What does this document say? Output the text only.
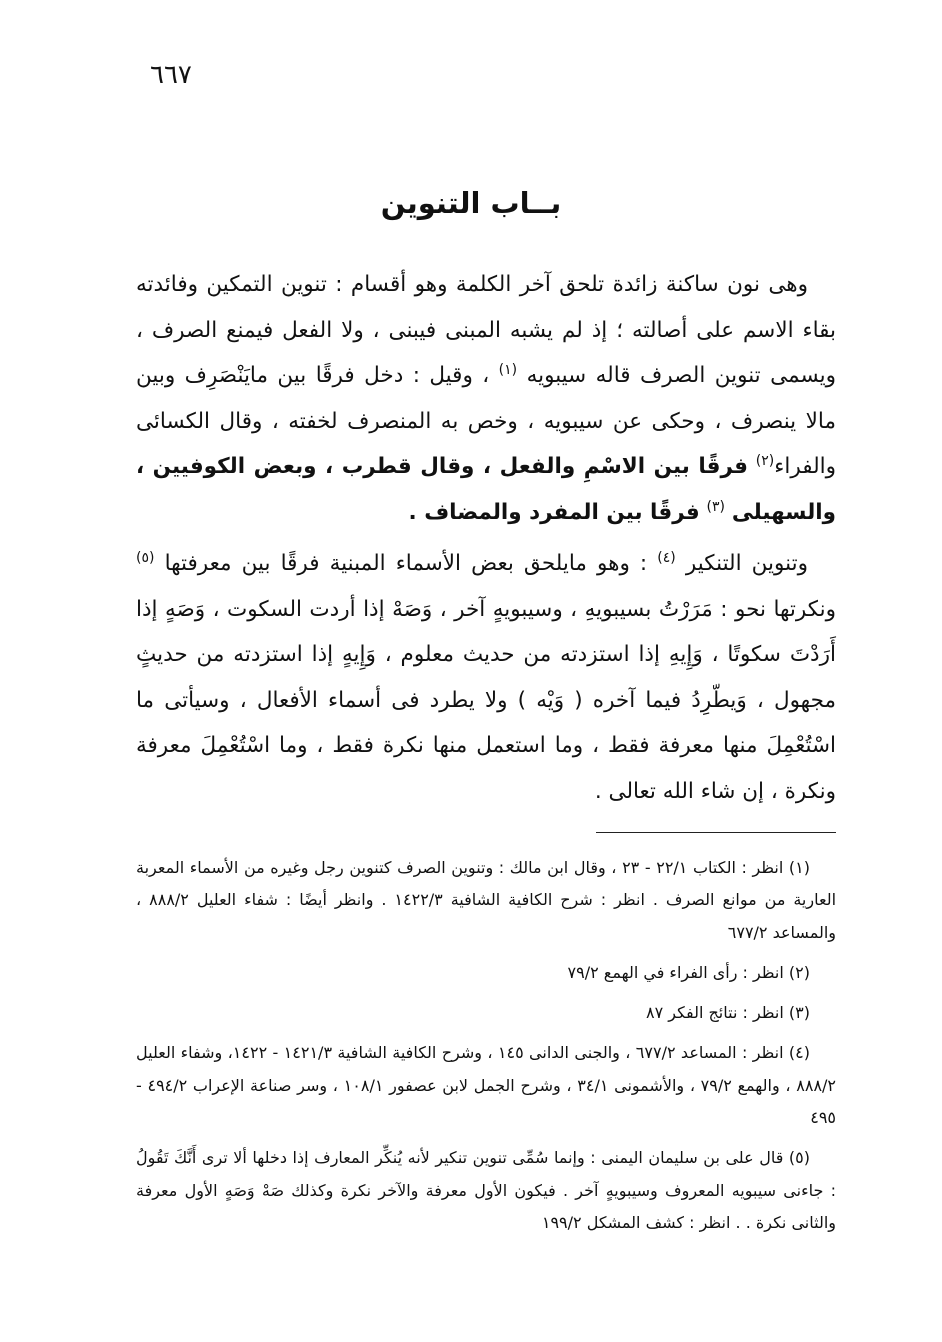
٦٦٧
بــاب التنوين

وهى نون ساكنة زائدة تلحق آخر الكلمة وهو أقسام : تنوين التمكين وفائدته بقاء الاسم على أصالته ؛ إذ لم يشبه المبنى فيبنى ، ولا الفعل فيمنع الصرف ، ويسمى تنوين الصرف قاله سيبويه $^{(١)}$ ، وقيل : دخل فرقًا بين مايَنْصَرِف وبين مالا ينصرف ، وحكى عن سيبويه ، وخص به المنصرف لخفته ، وقال الكسائى والفراء$^{(٢)}$ فرقًا بين الاسْمِ والفعل ، وقال قطرب ، وبعض الكوفيين ، والسهيلى $^{(٣)}$ فرقًا بين المفرد والمضاف .

وتنوين التنكير $^{(٤)}$ : وهو مايلحق بعض الأسماء المبنية فرقًا بين معرفتها $^{(٥)}$ ونكرتها نحو : مَرَرْتُ بسيبويهِ ، وسيبويهٍ آخر ، وَصَهْ إذا أردت السكوت ، وَصَهٍ إذا أَرَدْتَ سكوتًا ، وَإِيهِ إذا استزدته من حديث معلوم ، وَإِيهٍ إذا استزدته من حديثٍ مجهول ، وَيطّرِدُ فيما آخره ( وَيْه ) ولا يطرد فى أسماء الأفعال ، وسيأتى ما اسْتُعْمِلَ منها معرفة فقط ، وما استعمل منها نكرة فقط ، وما اسْتُعْمِلَ معرفة ونكرة ، إن شاء الله تعالى .

(١) انظر : الكتاب ٢٢/١ - ٢٣ ، وقال ابن مالك : وتنوين الصرف كتنوين رجل وغيره من الأسماء المعربة العارية من موانع الصرف . انظر : شرح الكافية الشافية ١٤٢٢/٣ . وانظر أيضًا : شفاء العليل ٨٨٨/٢ ، والمساعد ٦٧٧/٢

(٢) انظر : رأى الفراء في الهمع ٧٩/٢

(٣) انظر : نتائج الفكر ٨٧

(٤) انظر : المساعد ٦٧٧/٢ ، والجنى الدانى ١٤٥ ، وشرح الكافية الشافية ١٤٢١/٣ - ١٤٢٢، وشفاء العليل ٨٨٨/٢ ، والهمع ٧٩/٢ ، والأشمونى ٣٤/١ ، وشرح الجمل لابن عصفور ١٠٨/١ ، وسر صناعة الإعراب ٤٩٤/٢ - ٤٩٥

(٥) قال على بن سليمان اليمنى : وإنما سُمِّى تنوين تنكير لأنه يُنكِّر المعارف إذا دخلها ألا ترى أَنَّكَ تَقُولُ : جاءنى سيبويه المعروف وسيبويهٍ آخر . فيكون الأول معرفة والآخر نكرة وكذلك صَهْ وَصَهٍ الأول معرفة والثانى نكرة . . انظر : كشف المشكل ١٩٩/٢
